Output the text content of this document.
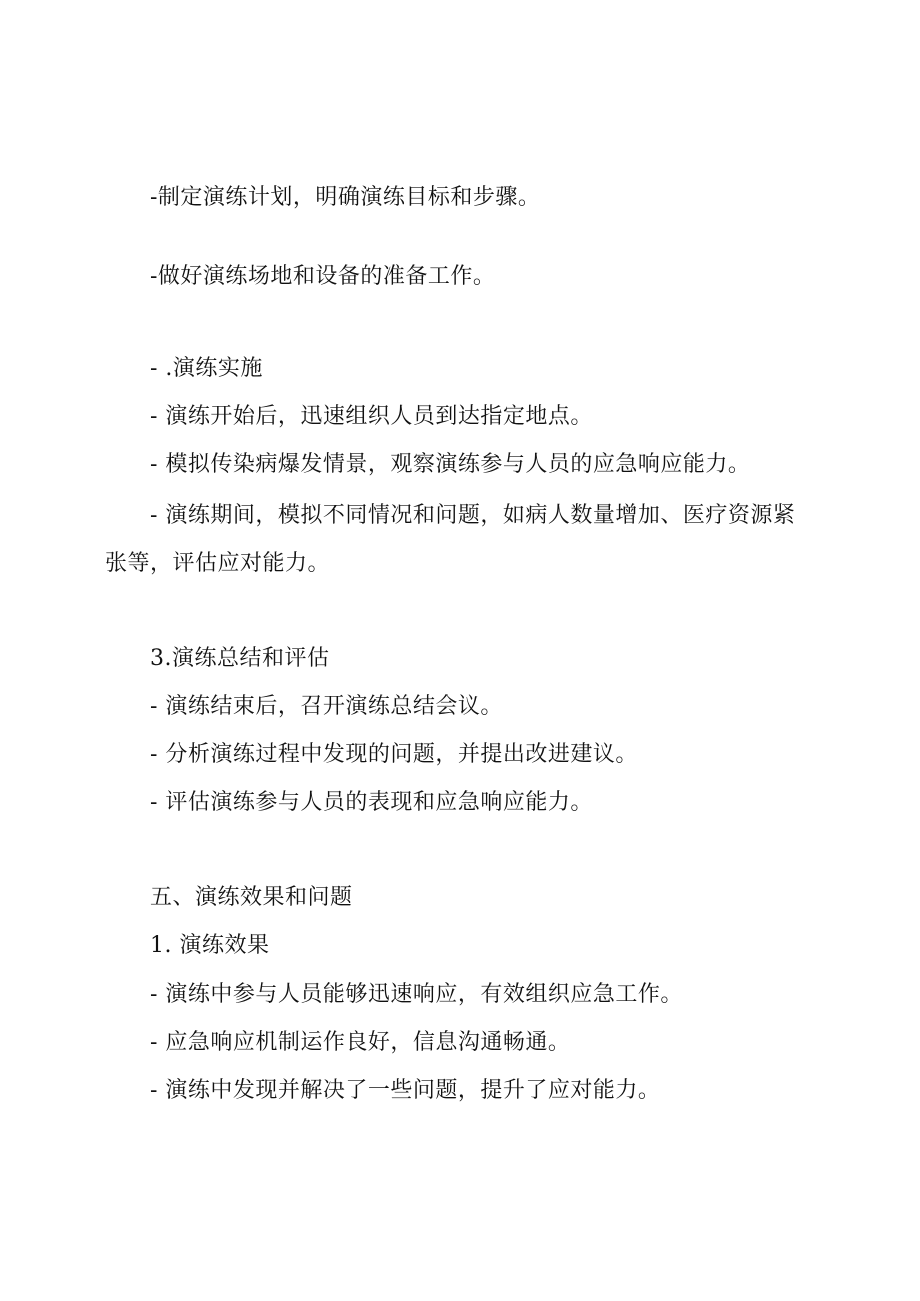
-制定演练计划，明确演练目标和步骤。
-做好演练场地和设备的准备工作。
- .演练实施
- 演练开始后，迅速组织人员到达指定地点。
- 模拟传染病爆发情景，观察演练参与人员的应急响应能力。
- 演练期间，模拟不同情况和问题，如病人数量增加、医疗资源紧张等，评估应对能力。
3.演练总结和评估
- 演练结束后，召开演练总结会议。
- 分析演练过程中发现的问题，并提出改进建议。
- 评估演练参与人员的表现和应急响应能力。
五、演练效果和问题
1. 演练效果
- 演练中参与人员能够迅速响应，有效组织应急工作。
- 应急响应机制运作良好，信息沟通畅通。
- 演练中发现并解决了一些问题，提升了应对能力。
